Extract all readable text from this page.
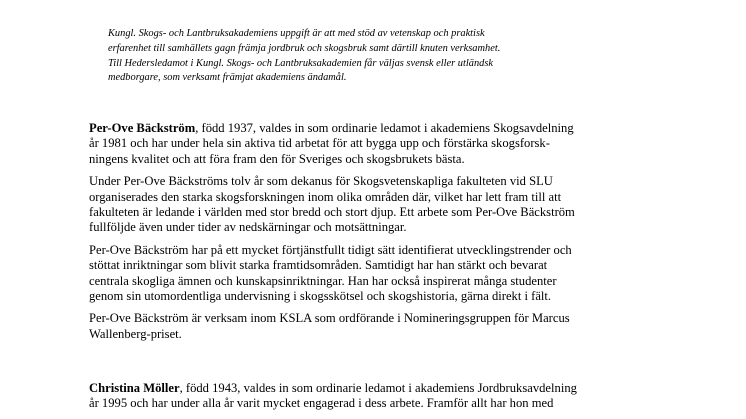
Kungl. Skogs- och Lantbruksakademiens uppgift är att med stöd av vetenskap och praktisk
erfarenhet till samhällets gagn främja jordbruk och skogsbruk samt därtill knuten verksamhet.
Till Hedersledamot i Kungl. Skogs- och Lantbruksakademien får väljas svensk eller utländsk
medborgare, som verksamt främjat akademiens ändamål.

Per-Ove Bäckström, född 1937, valdes in som ordinarie ledamot i akademiens Skogsavdelning
år 1981 och har under hela sin aktiva tid arbetat för att bygga upp och förstärka skogsforsk-
ningens kvalitet och att föra fram den för Sveriges och skogsbrukets bästa.

Under Per-Ove Bäckströms tolv år som dekanus för Skogsvetenskapliga fakulteten vid SLU
organiserades den starka skogsforskningen inom olika områden där, vilket har lett fram till att
fakulteten är ledande i världen med stor bredd och stort djup. Ett arbete som Per-Ove Bäckström
fullföljde även under tider av nedskärningar och motsättningar.

Per-Ove Bäckström har på ett mycket förtjänstfullt tidigt sätt identifierat utvecklingstrender och
stöttat inriktningar som blivit starka framtidsområden. Samtidigt har han stärkt och bevarat
centrala skogliga ämnen och kunskapsinriktningar. Han har också inspirerat många studenter
genom sin utomordentliga undervisning i skogsskötsel och skogshistoria, gärna direkt i fält.

Per-Ove Bäckström är verksam inom KSLA som ordförande i Nomineringsgruppen för Marcus
Wallenberg-priset.

Christina Möller, född 1943, valdes in som ordinarie ledamot i akademiens Jordbruksavdelning
år 1995 och har under alla år varit mycket engagerad i dess arbete. Framför allt har hon med
